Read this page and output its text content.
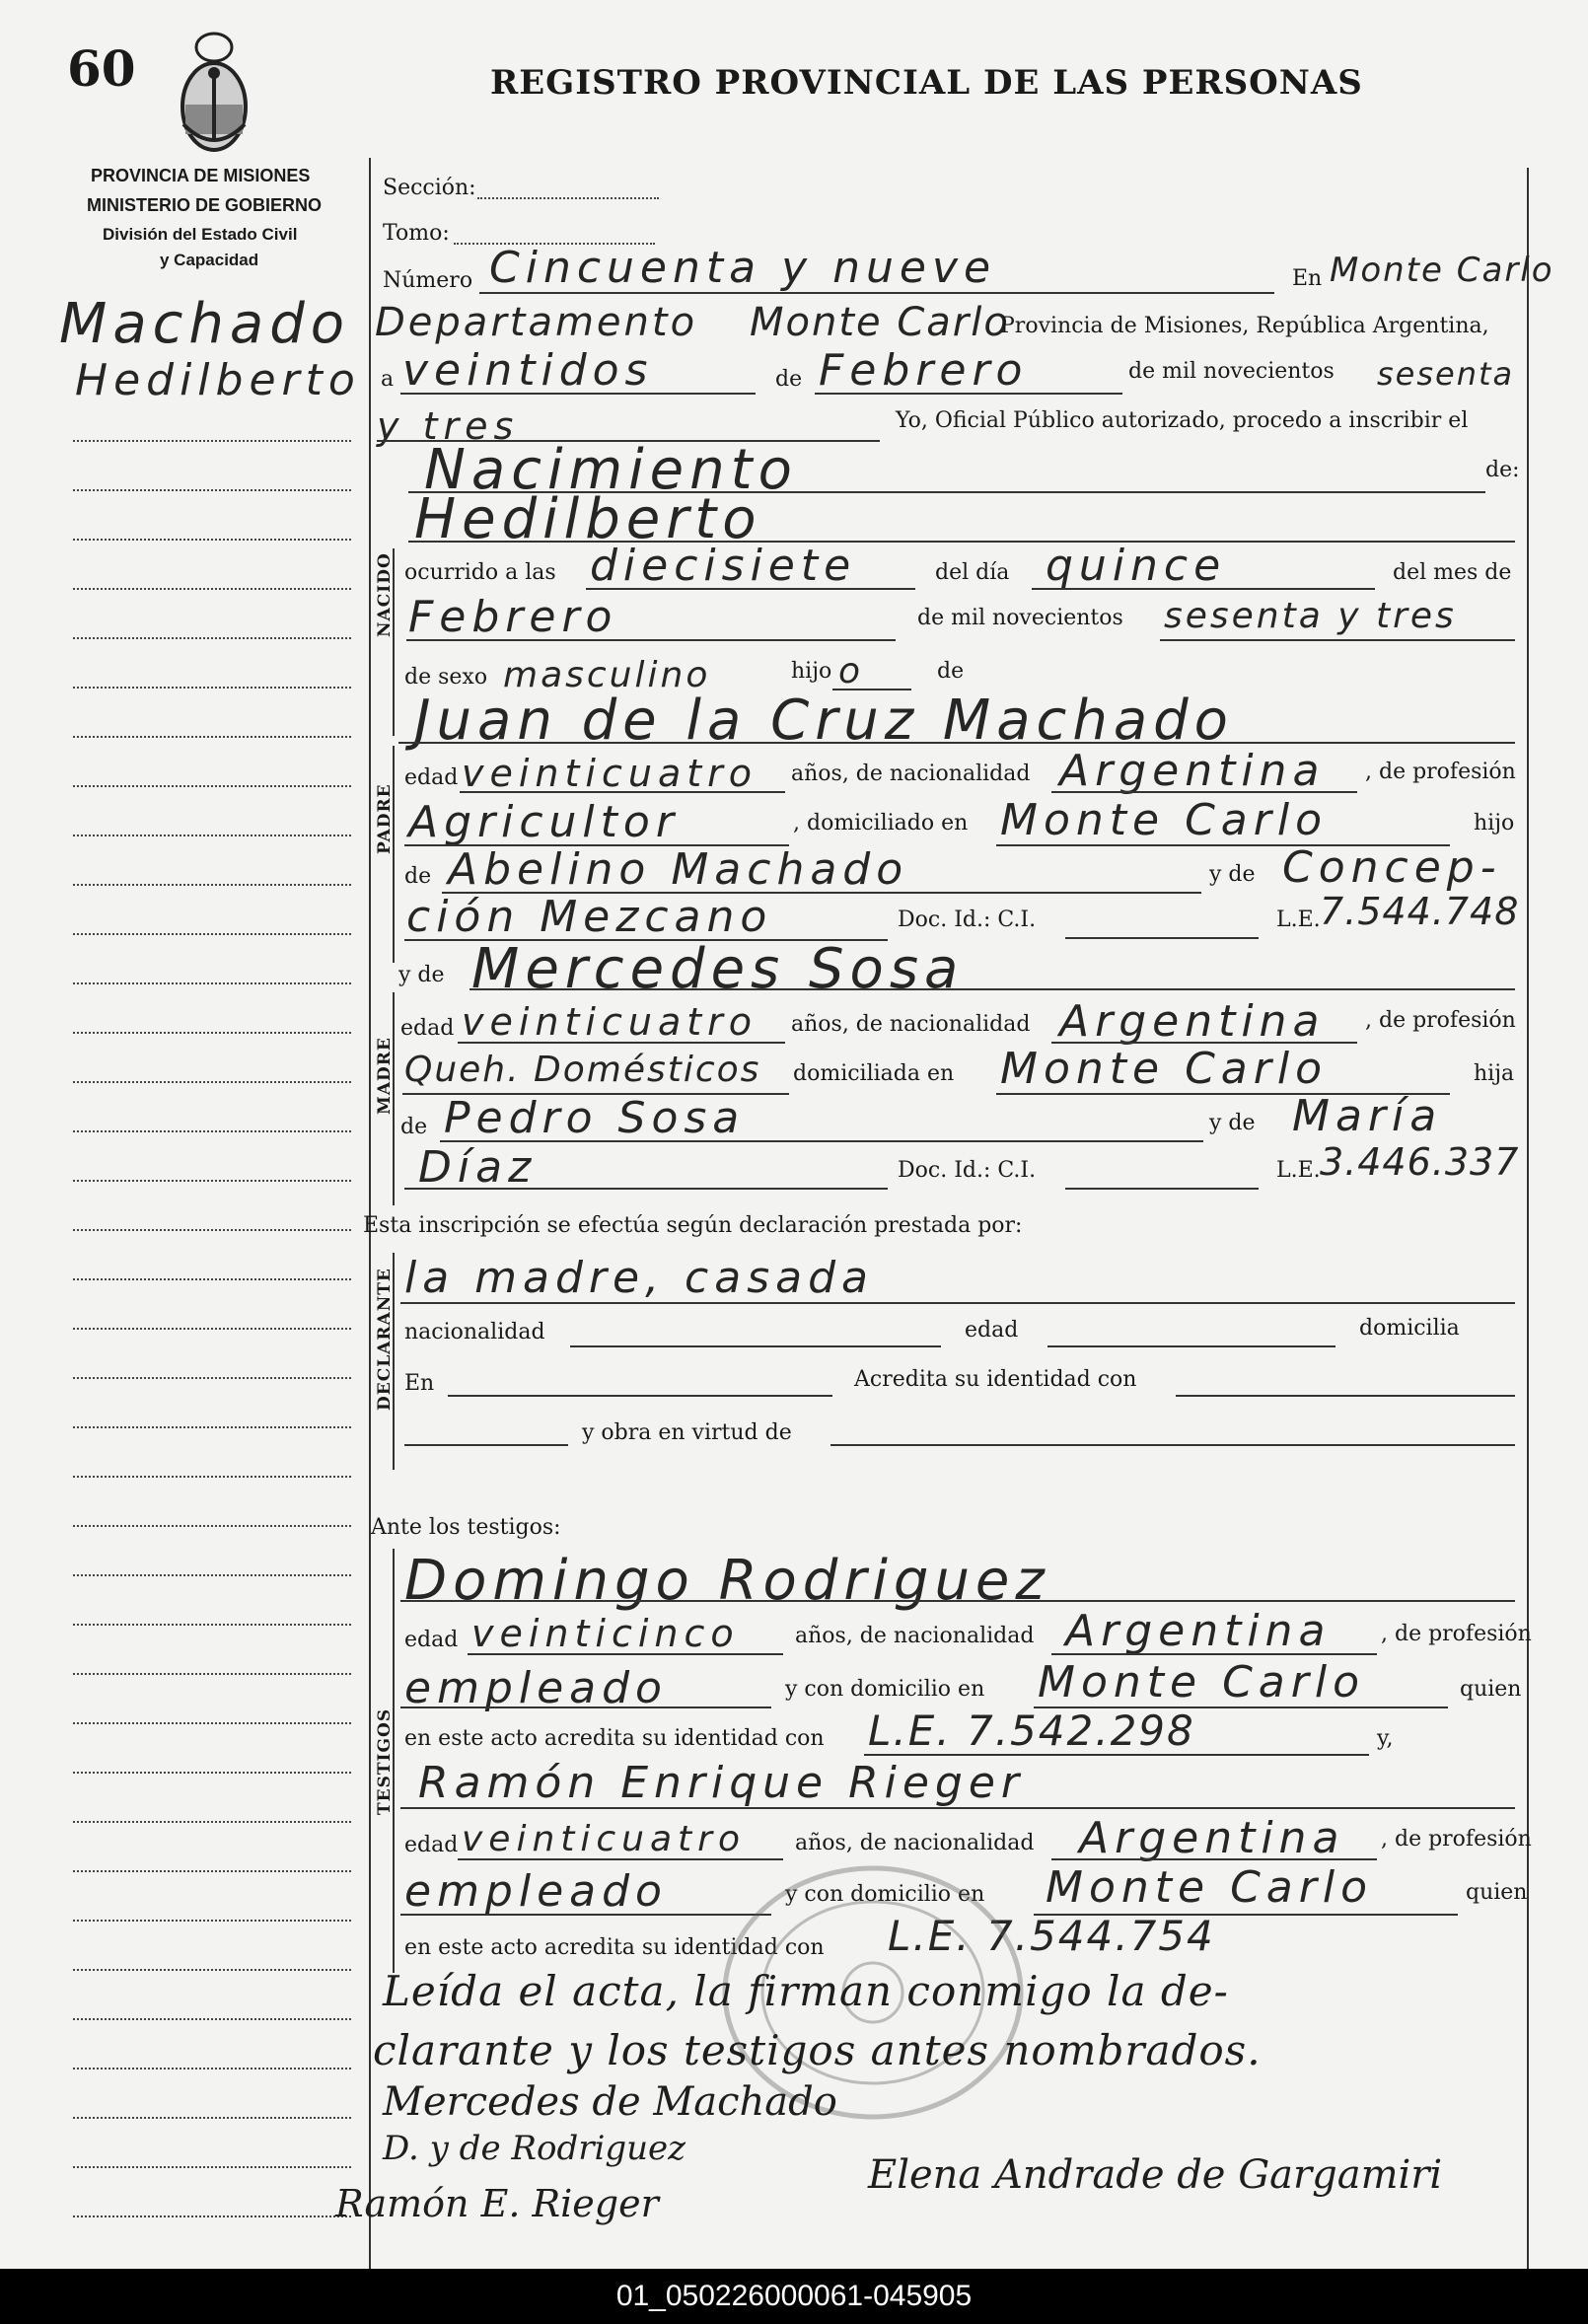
60	REGISTRO PROVINCIAL DE LAS PERSONAS
PROVINCIA DE MISIONES
MINISTERIO DE GOBIERNO
División del Estado Civil
y Capacidad
Machado
Hedilberto
Sección:
Tomo:
Número Cincuenta y nueve	En Monte Carlo
Departamento Monte Carlo
Provincia de Misiones, República Argentina,
a veintidos	de Febrero	de mil novecientos sesenta
y tres	Yo, Oficial Público autorizado, procedo a inscribir el
Nacimiento	de:
Hedilberto
NACIDO ocurrido a las diecisiete	del día quince	del mes de
Febrero	de mil novecientos sesenta y tres
de sexo masculino	hijo o	de
PADRE
Juan de la Cruz Machado
edad veinticuatro años, de nacionalidad Argentina , de profesión
Agricultor	, domiciliado en Monte Carlo	hijo
de Abelino Machado	y de Concep-
ción Mezcano	Doc. Id.: C.I.	L.E. 7.544.748
MADRE
y de Mercedes Sosa
edad veinticuatro años, de nacionalidad Argentina , de profesión
Queh. Domésticos domiciliada en Monte Carlo	hija
de Pedro Sosa	y de María
Díaz	Doc. Id.: C.I.	L.E. 3.446.337
Esta inscripción se efectúa según declaración prestada por:
DECLARANTE la madre, casada
nacionalidad	edad	domicilia
En	Acredita su identidad con
y obra en virtud de
Ante los testigos:
TESTIGOS
Domingo Rodriguez
edad veinticinco	años, de nacionalidad Argentina , de profesión
empleado	y con domicilio en Monte Carlo	quien
en este acto acredita su identidad con L.E. 7.542.298	y,
Ramón Enrique Rieger
edad veinticuatro años, de nacionalidad Argentina , de profesión
empleado	y con domicilio en Monte Carlo	quien
en este acto acredita su identidad con L.E. 7.544.754
Leída el acta, la firman conmigo la de-
clarante y los testigos antes nombrados.
Mercedes de Machado
D. y de Rodriguez
Ramón E. Rieger
Elena Andrade de Gargamiri
01_050226000061-045905
